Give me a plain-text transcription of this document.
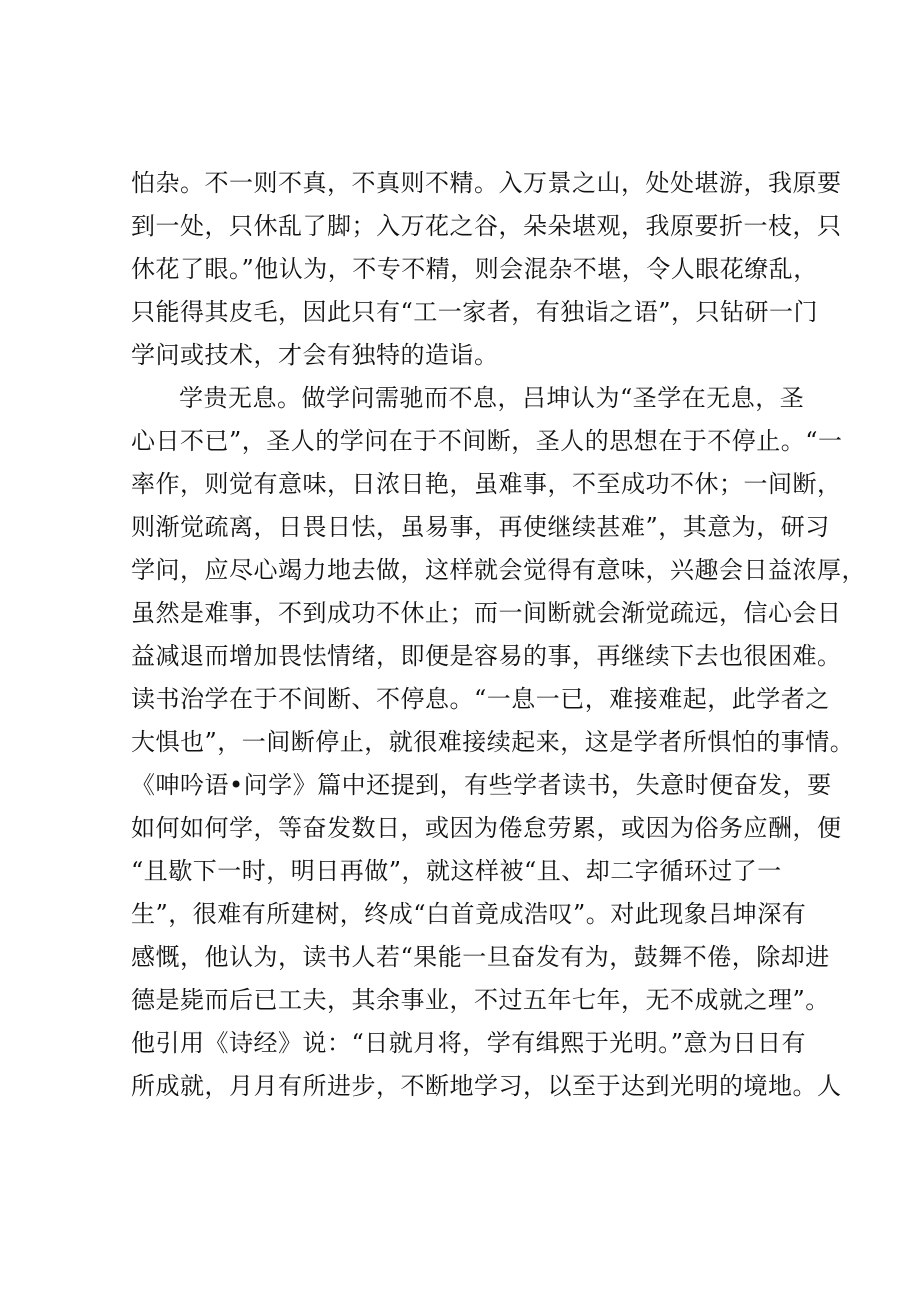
怕杂。不一则不真，不真则不精。入万景之山，处处堪游，我原要
到一处，只休乱了脚；入万花之谷，朵朵堪观，我原要折一枝，只
休花了眼。”他认为，不专不精，则会混杂不堪，令人眼花缭乱，
只能得其皮毛，因此只有“工一家者，有独诣之语”，只钻研一门
学问或技术，才会有独特的造诣。
学贵无息。做学问需驰而不息，吕坤认为“圣学在无息，圣
心日不已”，圣人的学问在于不间断，圣人的思想在于不停止。“一
率作，则觉有意味，日浓日艳，虽难事，不至成功不休；一间断，
则渐觉疏离，日畏日怯，虽易事，再使继续甚难”，其意为，研习
学问，应尽心竭力地去做，这样就会觉得有意味，兴趣会日益浓厚，
虽然是难事，不到成功不休止；而一间断就会渐觉疏远，信心会日
益减退而增加畏怯情绪，即便是容易的事，再继续下去也很困难。
读书治学在于不间断、不停息。“一息一已，难接难起，此学者之
大惧也”，一间断停止，就很难接续起来，这是学者所惧怕的事情。
《呻吟语•问学》篇中还提到，有些学者读书，失意时便奋发，要
如何如何学，等奋发数日，或因为倦怠劳累，或因为俗务应酬，便
“且歇下一时，明日再做”，就这样被“且、却二字循环过了一
生”，很难有所建树，终成“白首竟成浩叹”。对此现象吕坤深有
感慨，他认为，读书人若“果能一旦奋发有为，鼓舞不倦，除却进
德是毙而后已工夫，其余事业，不过五年七年，无不成就之理”。
他引用《诗经》说：“日就月将，学有缉熙于光明。”意为日日有
所成就，月月有所进步，不断地学习，以至于达到光明的境地。人
